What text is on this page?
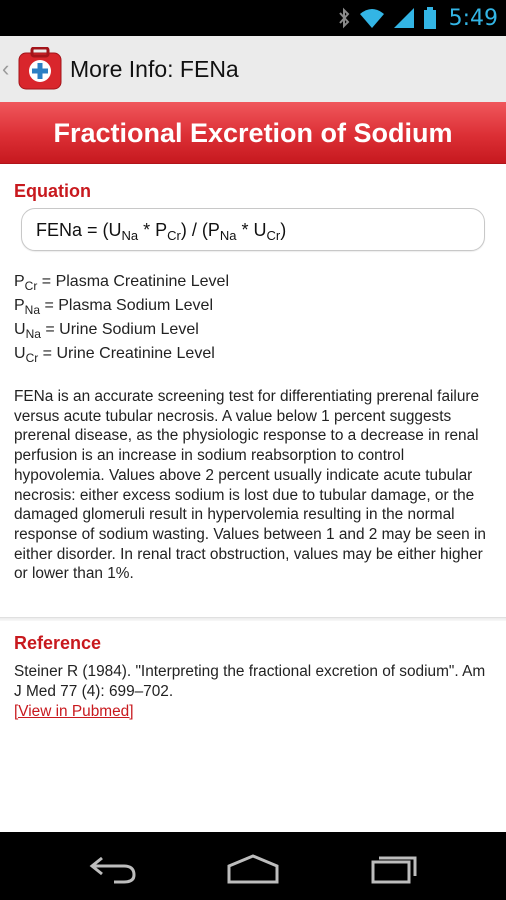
5:49
‹	More Info: FENa
Fractional Excretion of Sodium
Equation
FENa = $(U_{Na} * P_{Cr}) / (P_{Na} * U_{Cr})$
$P_{Cr}$ = Plasma Creatinine Level
$P_{Na}$ = Plasma Sodium Level
$U_{Na}$ = Urine Sodium Level
$U_{Cr}$ = Urine Creatinine Level
FENa is an accurate screening test for differentiating prerenal failure versus acute tubular necrosis. A value below 1 percent suggests prerenal disease, as the physiologic response to a decrease in renal perfusion is an increase in sodium reabsorption to control hypovolemia. Values above 2 percent usually indicate acute tubular necrosis: either excess sodium is lost due to tubular damage, or the damaged glomeruli result in hypervolemia resulting in the normal response of sodium wasting. Values between 1 and 2 may be seen in either disorder. In renal tract obstruction, values may be either higher or lower than 1%.
Reference
Steiner R (1984). "Interpreting the fractional excretion of sodium". Am J Med 77 (4): 699–702.
[View in Pubmed]
